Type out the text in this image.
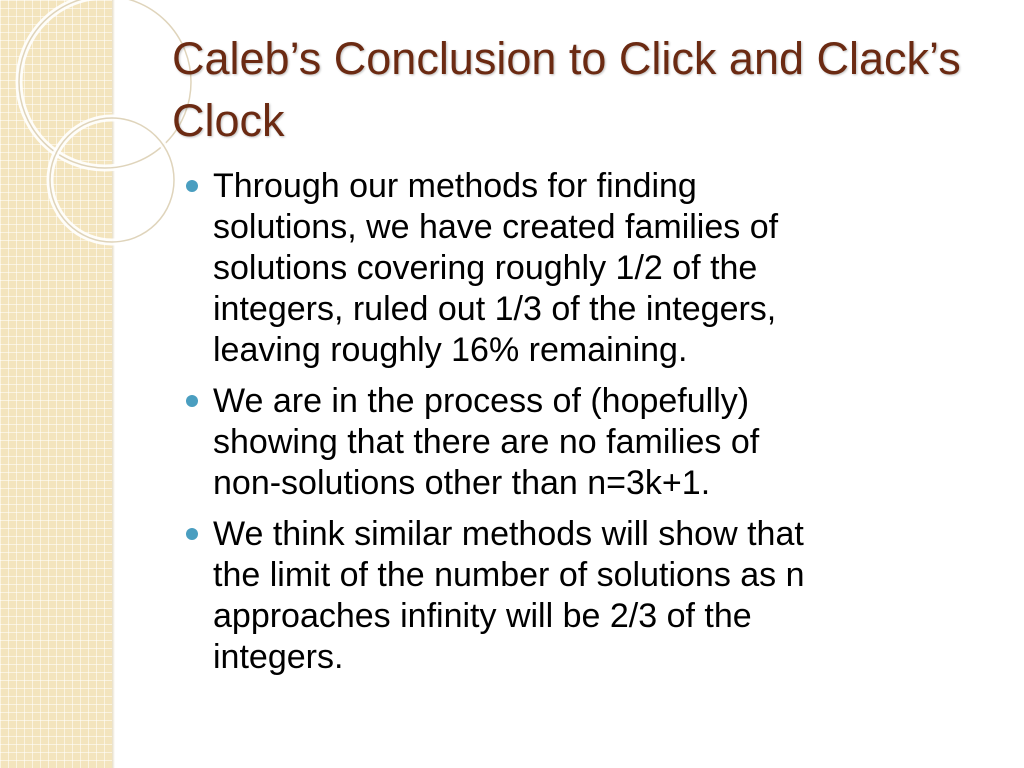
Caleb’s Conclusion to Click and Clack’s Clock
Through our methods for finding
solutions, we have created families of
solutions covering roughly 1/2 of the
integers, ruled out 1/3 of the integers,
leaving roughly 16% remaining.
We are in the process of (hopefully)
showing that there are no families of
non-solutions other than n=3k+1.
We think similar methods will show that
the limit of the number of solutions as n
approaches infinity will be 2/3 of the
integers.
